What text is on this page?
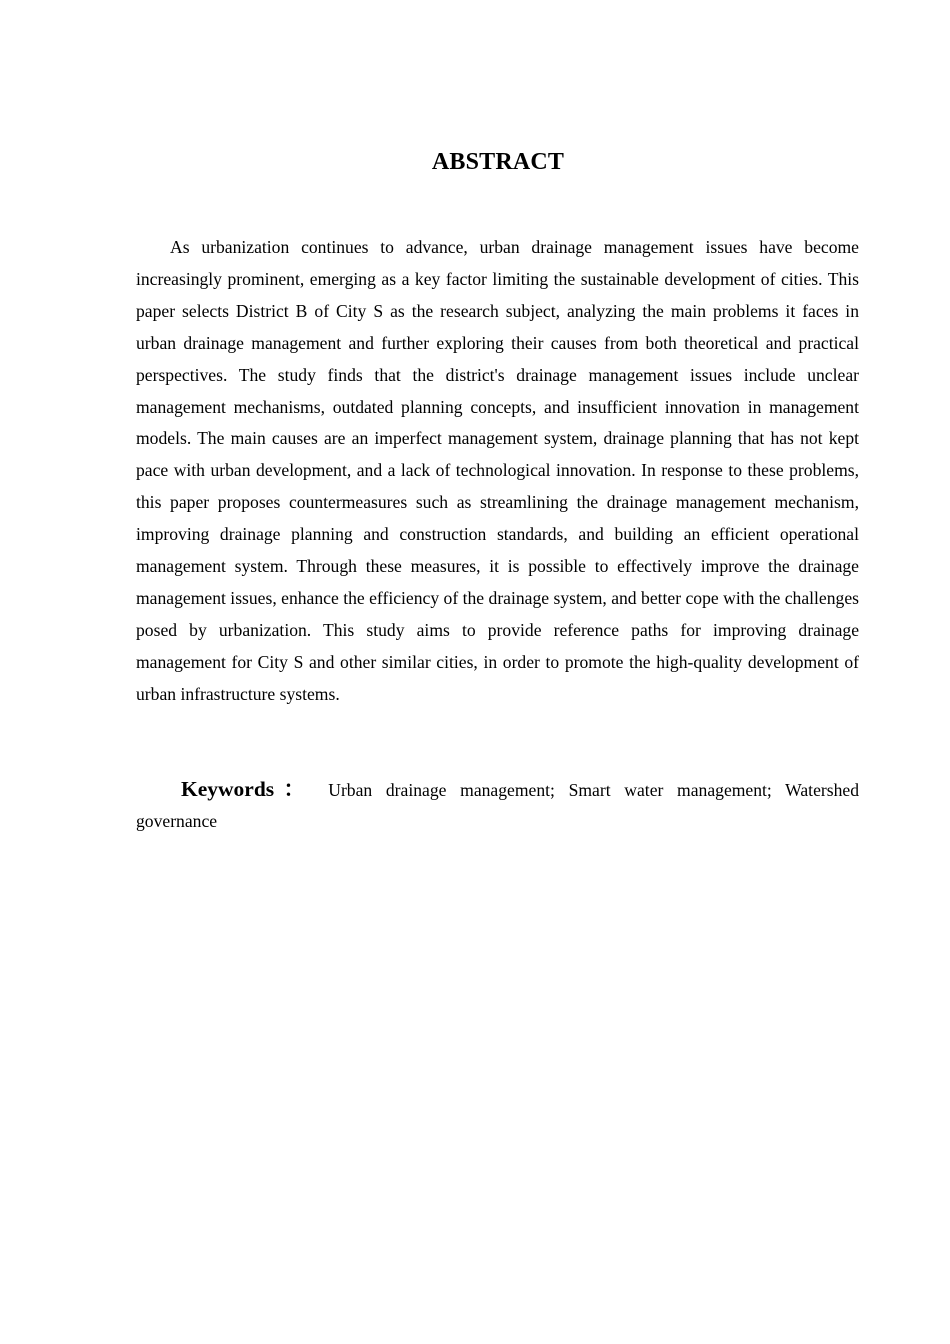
ABSTRACT

As urbanization continues to advance, urban drainage management issues have become increasingly prominent, emerging as a key factor limiting the sustainable development of cities. This paper selects District B of City S as the research subject, analyzing the main problems it faces in urban drainage management and further exploring their causes from both theoretical and practical perspectives. The study finds that the district's drainage management issues include unclear management mechanisms, outdated planning concepts, and insufficient innovation in management models. The main causes are an imperfect management system, drainage planning that has not kept pace with urban development, and a lack of technological innovation. In response to these problems, this paper proposes countermeasures such as streamlining the drainage management mechanism, improving drainage planning and construction standards, and building an efficient operational management system. Through these measures, it is possible to effectively improve the drainage management issues, enhance the efficiency of the drainage system, and better cope with the challenges posed by urbanization. This study aims to provide reference paths for improving drainage management for City S and other similar cities, in order to promote the high-quality development of urban infrastructure systems.

Keywords： Urban drainage management; Smart water management; Watershed governance
